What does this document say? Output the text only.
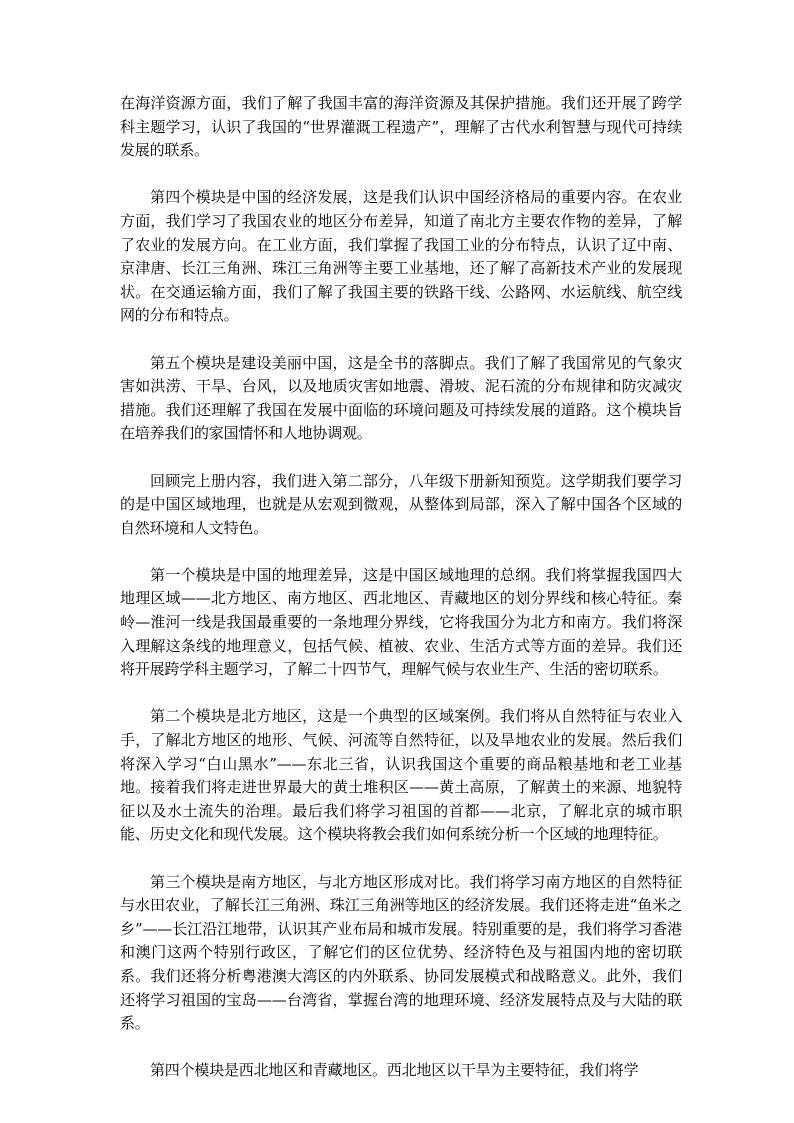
在海洋资源方面，我们了解了我国丰富的海洋资源及其保护措施。我们还开展了跨学科主题学习，认识了我国的“世界灌溉工程遗产”，理解了古代水利智慧与现代可持续发展的联系。

第四个模块是中国的经济发展，这是我们认识中国经济格局的重要内容。在农业方面，我们学习了我国农业的地区分布差异，知道了南北方主要农作物的差异，了解了农业的发展方向。在工业方面，我们掌握了我国工业的分布特点，认识了辽中南、京津唐、长江三角洲、珠江三角洲等主要工业基地，还了解了高新技术产业的发展现状。在交通运输方面，我们了解了我国主要的铁路干线、公路网、水运航线、航空线网的分布和特点。

第五个模块是建设美丽中国，这是全书的落脚点。我们了解了我国常见的气象灾害如洪涝、干旱、台风，以及地质灾害如地震、滑坡、泥石流的分布规律和防灾减灾措施。我们还理解了我国在发展中面临的环境问题及可持续发展的道路。这个模块旨在培养我们的家国情怀和人地协调观。

回顾完上册内容，我们进入第二部分，八年级下册新知预览。这学期我们要学习的是中国区域地理，也就是从宏观到微观，从整体到局部，深入了解中国各个区域的自然环境和人文特色。

第一个模块是中国的地理差异，这是中国区域地理的总纲。我们将掌握我国四大地理区域——北方地区、南方地区、西北地区、青藏地区的划分界线和核心特征。秦岭—淮河一线是我国最重要的一条地理分界线，它将我国分为北方和南方。我们将深入理解这条线的地理意义，包括气候、植被、农业、生活方式等方面的差异。我们还将开展跨学科主题学习，了解二十四节气，理解气候与农业生产、生活的密切联系。

第二个模块是北方地区，这是一个典型的区域案例。我们将从自然特征与农业入手，了解北方地区的地形、气候、河流等自然特征，以及旱地农业的发展。然后我们将深入学习“白山黑水”——东北三省，认识我国这个重要的商品粮基地和老工业基地。接着我们将走进世界最大的黄土堆积区——黄土高原，了解黄土的来源、地貌特征以及水土流失的治理。最后我们将学习祖国的首都——北京，了解北京的城市职能、历史文化和现代发展。这个模块将教会我们如何系统分析一个区域的地理特征。

第三个模块是南方地区，与北方地区形成对比。我们将学习南方地区的自然特征与水田农业，了解长江三角洲、珠江三角洲等地区的经济发展。我们还将走进“鱼米之乡”——长江沿江地带，认识其产业布局和城市发展。特别重要的是，我们将学习香港和澳门这两个特别行政区，了解它们的区位优势、经济特色及与祖国内地的密切联系。我们还将分析粤港澳大湾区的内外联系、协同发展模式和战略意义。此外，我们还将学习祖国的宝岛——台湾省，掌握台湾的地理环境、经济发展特点及与大陆的联系。

第四个模块是西北地区和青藏地区。西北地区以干旱为主要特征，我们将学
